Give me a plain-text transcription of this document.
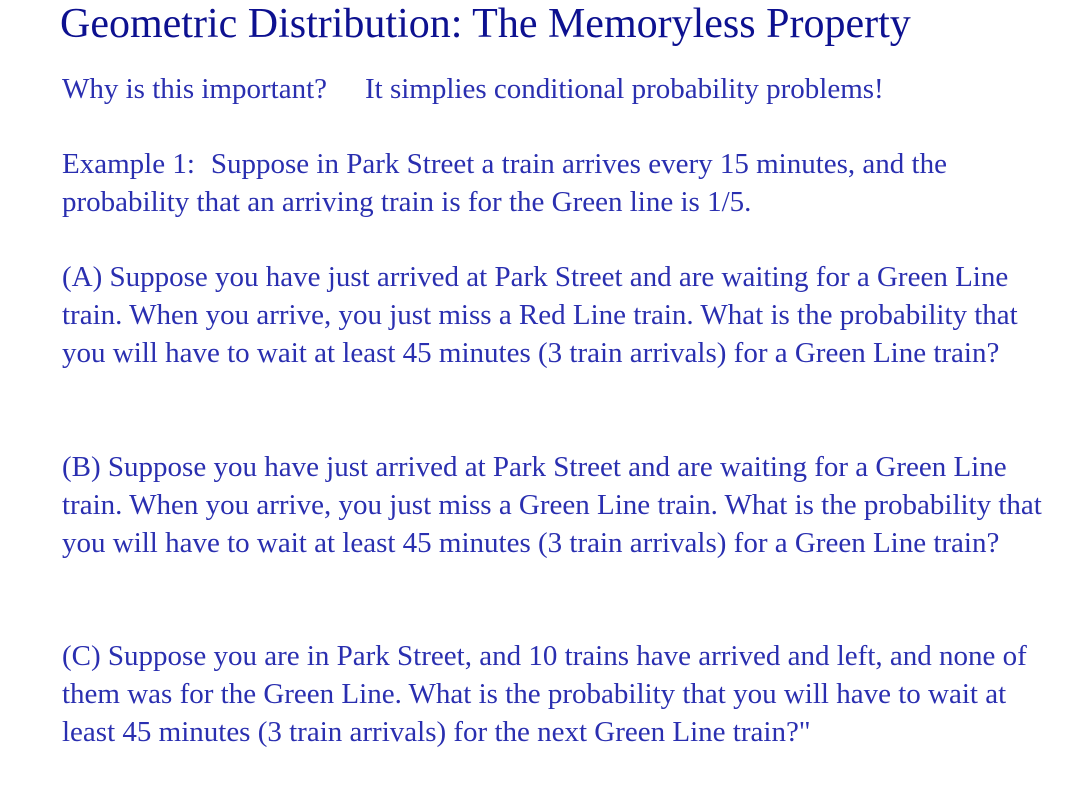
Geometric Distribution: The Memoryless Property

Why is this important? It simplies conditional probability problems!

Example 1: Suppose in Park Street a train arrives every 15 minutes, and the probability that an arriving train is for the Green line is 1/5.

(A) Suppose you have just arrived at Park Street and are waiting for a Green Line train. When you arrive, you just miss a Red Line train. What is the probability that you will have to wait at least 45 minutes (3 train arrivals) for a Green Line train?

(B) Suppose you have just arrived at Park Street and are waiting for a Green Line train. When you arrive, you just miss a Green Line train. What is the probability that you will have to wait at least 45 minutes (3 train arrivals) for a Green Line train?

(C) Suppose you are in Park Street, and 10 trains have arrived and left, and none of them was for the Green Line. What is the probability that you will have to wait at least 45 minutes (3 train arrivals) for the next Green Line train?"
